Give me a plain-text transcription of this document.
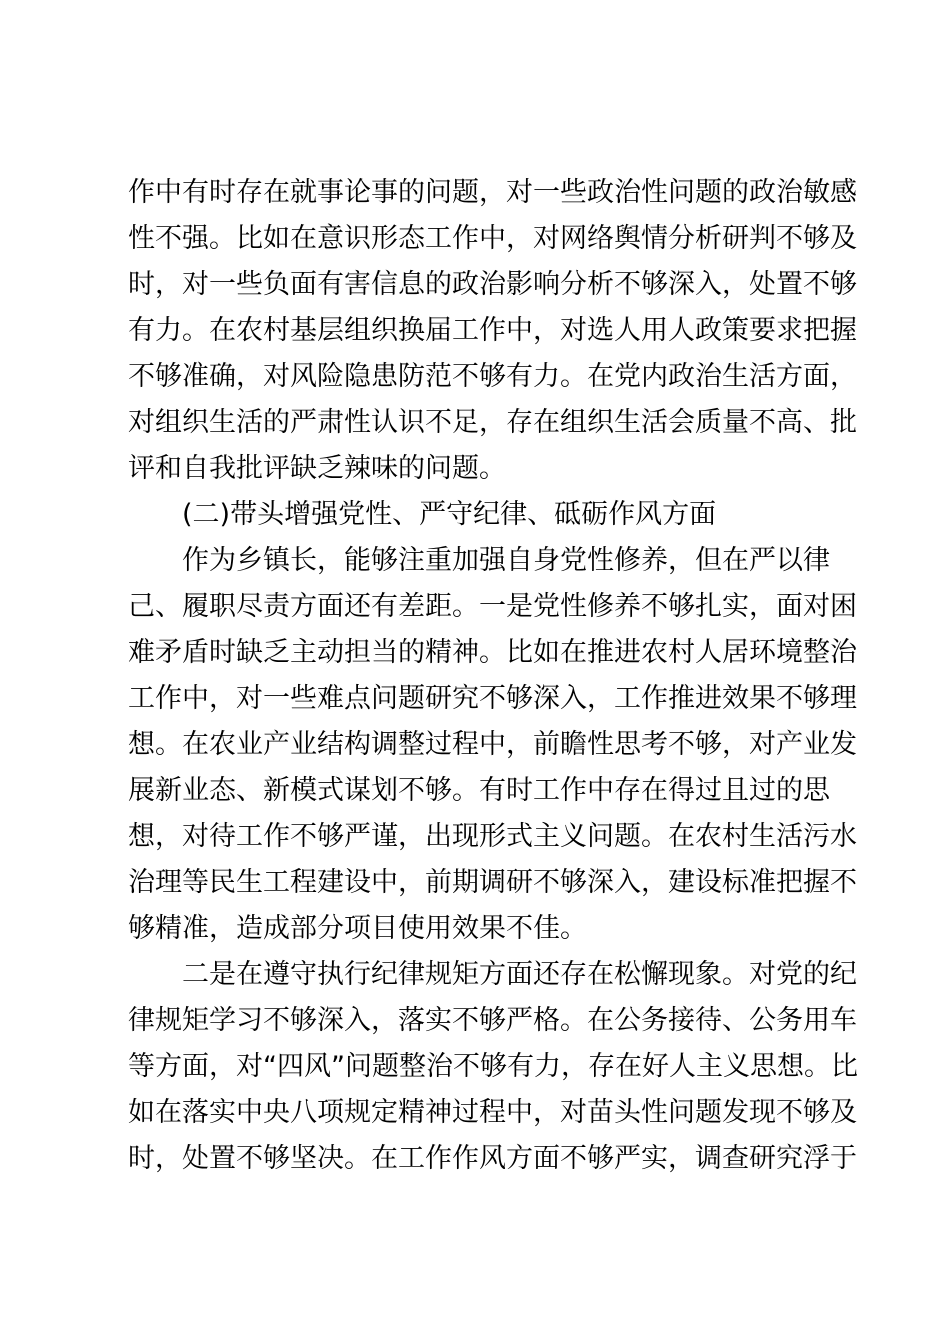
作中有时存在就事论事的问题，对一些政治性问题的政治敏感
性不强。比如在意识形态工作中，对网络舆情分析研判不够及
时，对一些负面有害信息的政治影响分析不够深入，处置不够
有力。在农村基层组织换届工作中，对选人用人政策要求把握
不够准确，对风险隐患防范不够有力。在党内政治生活方面，
对组织生活的严肃性认识不足，存在组织生活会质量不高、批
评和自我批评缺乏辣味的问题。
(二)带头增强党性、严守纪律、砥砺作风方面
作为乡镇长，能够注重加强自身党性修养，但在严以律
己、履职尽责方面还有差距。一是党性修养不够扎实，面对困
难矛盾时缺乏主动担当的精神。比如在推进农村人居环境整治
工作中，对一些难点问题研究不够深入，工作推进效果不够理
想。在农业产业结构调整过程中，前瞻性思考不够，对产业发
展新业态、新模式谋划不够。有时工作中存在得过且过的思
想，对待工作不够严谨，出现形式主义问题。在农村生活污水
治理等民生工程建设中，前期调研不够深入，建设标准把握不
够精准，造成部分项目使用效果不佳。
二是在遵守执行纪律规矩方面还存在松懈现象。对党的纪
律规矩学习不够深入，落实不够严格。在公务接待、公务用车
等方面，对“四风”问题整治不够有力，存在好人主义思想。比
如在落实中央八项规定精神过程中，对苗头性问题发现不够及
时，处置不够坚决。在工作作风方面不够严实，调查研究浮于
